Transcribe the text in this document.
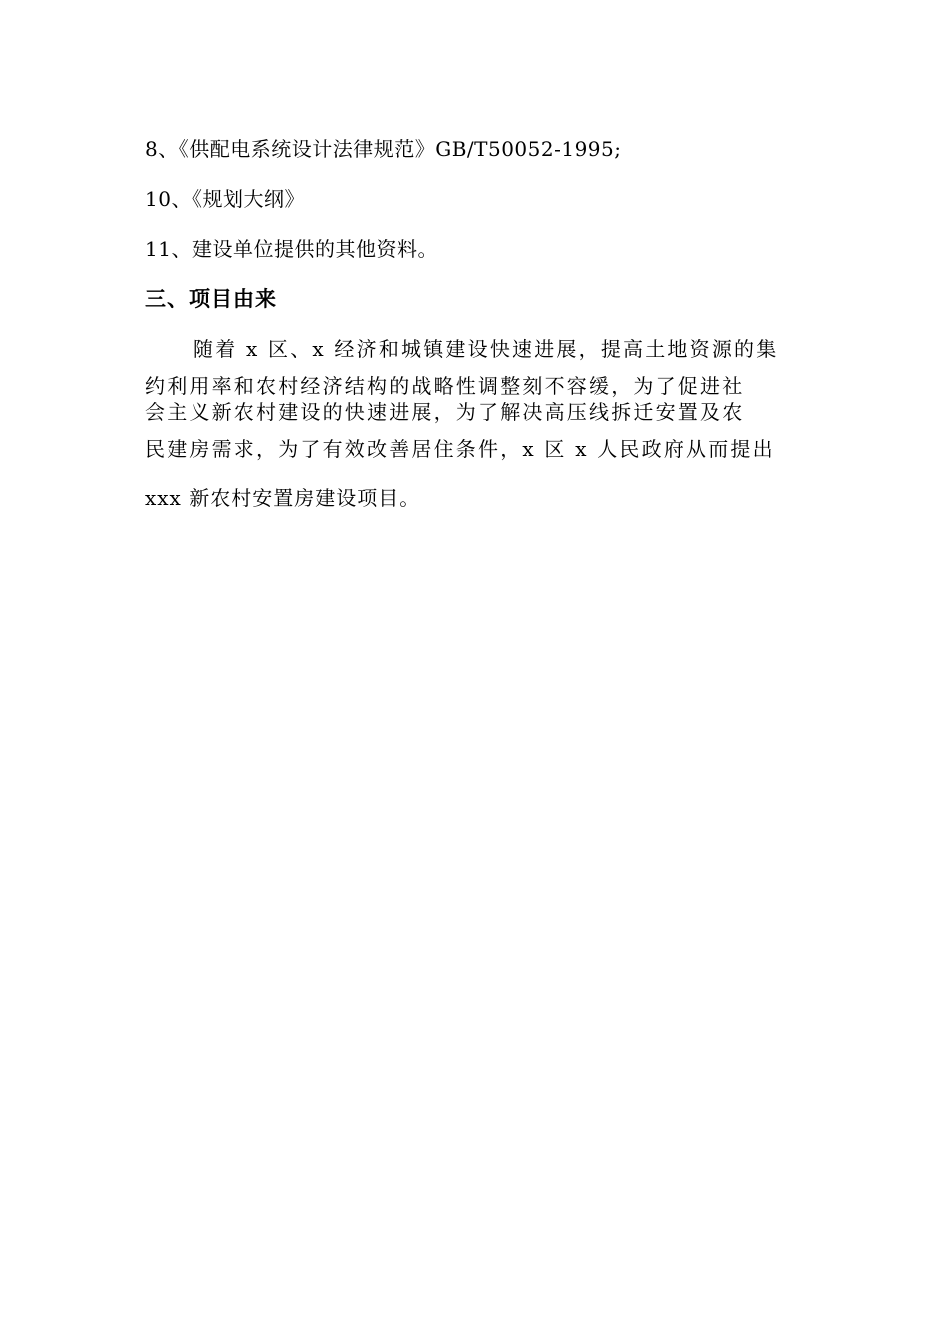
8、《供配电系统设计法律规范》GB/T50052-1995;
10、《规划大纲》
11、建设单位提供的其他资料。
三、项目由来
随着 x 区、x 经济和城镇建设快速进展，提高土地资源的集
约利用率和农村经济结构的战略性调整刻不容缓，为了促进社
会主义新农村建设的快速进展，为了解决高压线拆迁安置及农
民建房需求，为了有效改善居住条件，x 区 x 人民政府从而提出
xxx 新农村安置房建设项目。
